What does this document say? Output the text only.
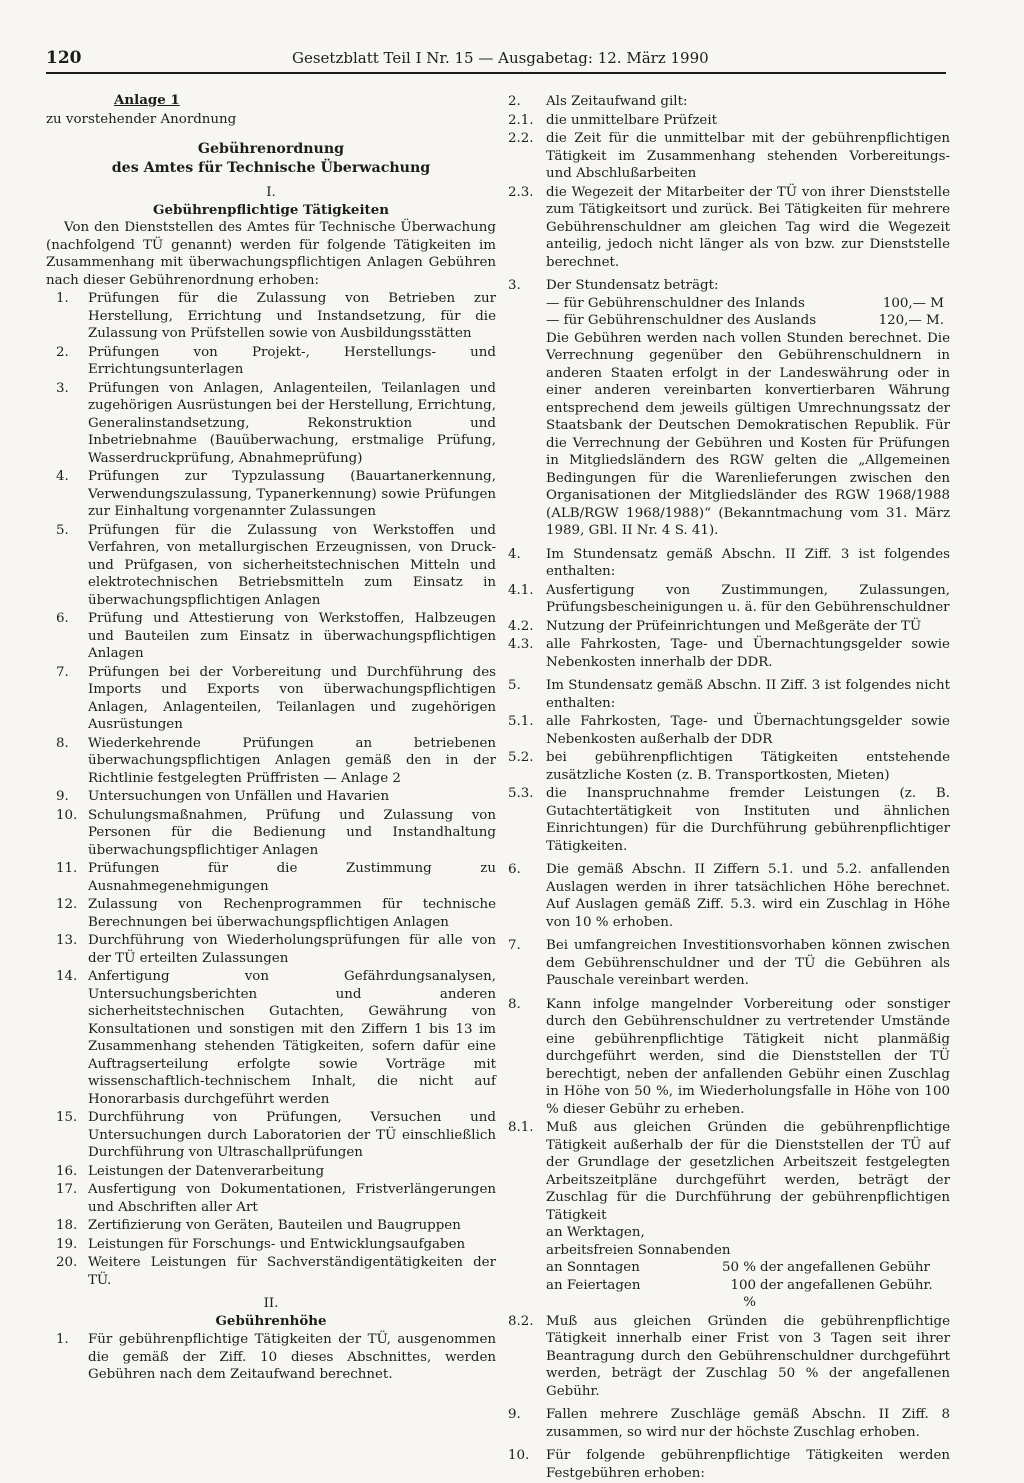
120	Gesetzblatt Teil I Nr. 15 — Ausgabetag: 12. März 1990
Anlage 1
zu vorstehender Anordnung
Gebührenordnung
des Amtes für Technische Überwachung
I.
Gebührenpflichtige Tätigkeiten

Von den Dienststellen des Amtes für Technische Überwachung (nachfolgend TÜ genannt) werden für folgende Tätigkeiten im Zusammenhang mit überwachungspflichtigen Anlagen Gebühren nach dieser Gebührenordnung erhoben:

1. Prüfungen für die Zulassung von Betrieben zur Herstellung, Errichtung und Instandsetzung, für die Zulassung von Prüfstellen sowie von Ausbildungsstätten
2. Prüfungen von Projekt-, Herstellungs- und Errichtungsunterlagen
3. Prüfungen von Anlagen, Anlagenteilen, Teilanlagen und zugehörigen Ausrüstungen bei der Herstellung, Errichtung, Generalinstandsetzung, Rekonstruktion und Inbetriebnahme (Bauüberwachung, erstmalige Prüfung, Wasserdruckprüfung, Abnahmeprüfung)
4. Prüfungen zur Typzulassung (Bauartanerkennung, Verwendungszulassung, Typanerkennung) sowie Prüfungen zur Einhaltung vorgenannter Zulassungen
5. Prüfungen für die Zulassung von Werkstoffen und Verfahren, von metallurgischen Erzeugnissen, von Druck- und Prüfgasen, von sicherheitstechnischen Mitteln und elektrotechnischen Betriebsmitteln zum Einsatz in überwachungspflichtigen Anlagen
6. Prüfung und Attestierung von Werkstoffen, Halbzeugen und Bauteilen zum Einsatz in überwachungspflichtigen Anlagen
7. Prüfungen bei der Vorbereitung und Durchführung des Imports und Exports von überwachungspflichtigen Anlagen, Anlagenteilen, Teilanlagen und zugehörigen Ausrüstungen
8. Wiederkehrende Prüfungen an betriebenen überwachungspflichtigen Anlagen gemäß den in der Richtlinie festgelegten Prüffristen — Anlage 2
9. Untersuchungen von Unfällen und Havarien
10. Schulungsmaßnahmen, Prüfung und Zulassung von Personen für die Bedienung und Instandhaltung überwachungspflichtiger Anlagen
11. Prüfungen für die Zustimmung zu Ausnahmegenehmigungen
12. Zulassung von Rechenprogrammen für technische Berechnungen bei überwachungspflichtigen Anlagen
13. Durchführung von Wiederholungsprüfungen für alle von der TÜ erteilten Zulassungen
14. Anfertigung von Gefährdungsanalysen, Untersuchungsberichten und anderen sicherheitstechnischen Gutachten, Gewährung von Konsultationen und sonstigen mit den Ziffern 1 bis 13 im Zusammenhang stehenden Tätigkeiten, sofern dafür eine Auftragserteilung erfolgte sowie Vorträge mit wissenschaftlich-technischem Inhalt, die nicht auf Honorarbasis durchgeführt werden
15. Durchführung von Prüfungen, Versuchen und Untersuchungen durch Laboratorien der TÜ einschließlich Durchführung von Ultraschallprüfungen
16. Leistungen der Datenverarbeitung
17. Ausfertigung von Dokumentationen, Fristverlängerungen und Abschriften aller Art
18. Zertifizierung von Geräten, Bauteilen und Baugruppen
19. Leistungen für Forschungs- und Entwicklungsaufgaben
20. Weitere Leistungen für Sachverständigentätigkeiten der TÜ.
II.
Gebührenhöhe
1. Für gebührenpflichtige Tätigkeiten der TÜ, ausgenommen die gemäß der Ziff. 10 dieses Abschnittes, werden Gebühren nach dem Zeitaufwand berechnet.
2. Als Zeitaufwand gilt:
2.1. die unmittelbare Prüfzeit
2.2. die Zeit für die unmittelbar mit der gebührenpflichtigen Tätigkeit im Zusammenhang stehenden Vorbereitungs- und Abschlußarbeiten
2.3. die Wegezeit der Mitarbeiter der TÜ von ihrer Dienststelle zum Tätigkeitsort und zurück. Bei Tätigkeiten für mehrere Gebührenschuldner am gleichen Tag wird die Wegezeit anteilig, jedoch nicht länger als von bzw. zur Dienststelle berechnet.
3. Der Stundensatz beträgt:
— für Gebührenschuldner des Inlands	100,— M
— für Gebührenschuldner des Auslands	120,— M.
Die Gebühren werden nach vollen Stunden berechnet. Die Verrechnung gegenüber den Gebührenschuldnern in anderen Staaten erfolgt in der Landeswährung oder in einer anderen vereinbarten konvertierbaren Währung entsprechend dem jeweils gültigen Umrechnungssatz der Staatsbank der Deutschen Demokratischen Republik. Für die Verrechnung der Gebühren und Kosten für Prüfungen in Mitgliedsländern des RGW gelten die „Allgemeinen Bedingungen für die Warenlieferungen zwischen den Organisationen der Mitgliedsländer des RGW 1968/1988 (ALB/RGW 1968/1988)“ (Bekanntmachung vom 31. März 1989, GBl. II Nr. 4 S. 41).
4. Im Stundensatz gemäß Abschn. II Ziff. 3 ist folgendes enthalten:
4.1. Ausfertigung von Zustimmungen, Zulassungen, Prüfungsbescheinigungen u. ä. für den Gebührenschuldner
4.2. Nutzung der Prüfeinrichtungen und Meßgeräte der TÜ
4.3. alle Fahrkosten, Tage- und Übernachtungsgelder sowie Nebenkosten innerhalb der DDR.
5. Im Stundensatz gemäß Abschn. II Ziff. 3 ist folgendes nicht enthalten:
5.1. alle Fahrkosten, Tage- und Übernachtungsgelder sowie Nebenkosten außerhalb der DDR
5.2. bei gebührenpflichtigen Tätigkeiten entstehende zusätzliche Kosten (z. B. Transportkosten, Mieten)
5.3. die Inanspruchnahme fremder Leistungen (z. B. Gutachtertätigkeit von Instituten und ähnlichen Einrichtungen) für die Durchführung gebührenpflichtiger Tätigkeiten.
6. Die gemäß Abschn. II Ziffern 5.1. und 5.2. anfallenden Auslagen werden in ihrer tatsächlichen Höhe berechnet. Auf Auslagen gemäß Ziff. 5.3. wird ein Zuschlag in Höhe von 10 % erhoben.
7. Bei umfangreichen Investitionsvorhaben können zwischen dem Gebührenschuldner und der TÜ die Gebühren als Pauschale vereinbart werden.
8. Kann infolge mangelnder Vorbereitung oder sonstiger durch den Gebührenschuldner zu vertretender Umstände eine gebührenpflichtige Tätigkeit nicht planmäßig durchgeführt werden, sind die Dienststellen der TÜ berechtigt, neben der anfallenden Gebühr einen Zuschlag in Höhe von 50 %, im Wiederholungsfalle in Höhe von 100 % dieser Gebühr zu erheben.
8.1. Muß aus gleichen Gründen die gebührenpflichtige Tätigkeit außerhalb der für die Dienststellen der TÜ auf der Grundlage der gesetzlichen Arbeitszeit festgelegten Arbeitszeitpläne durchgeführt werden, beträgt der Zuschlag für die Durchführung der gebührenpflichtigen Tätigkeit
an Werktagen,
arbeitsfreien Sonnabenden
an Sonntagen	50 % der angefallenen Gebühr
an Feiertagen	100 %
der angefallenen Gebühr.
8.2. Muß aus gleichen Gründen die gebührenpflichtige Tätigkeit innerhalb einer Frist von 3 Tagen seit ihrer Beantragung durch den Gebührenschuldner durchgeführt werden, beträgt der Zuschlag 50 % der angefallenen Gebühr.
9. Fallen mehrere Zuschläge gemäß Abschn. II Ziff. 8 zusammen, so wird nur der höchste Zuschlag erhoben.
10. Für folgende gebührenpflichtige Tätigkeiten werden Festgebühren erhoben:
